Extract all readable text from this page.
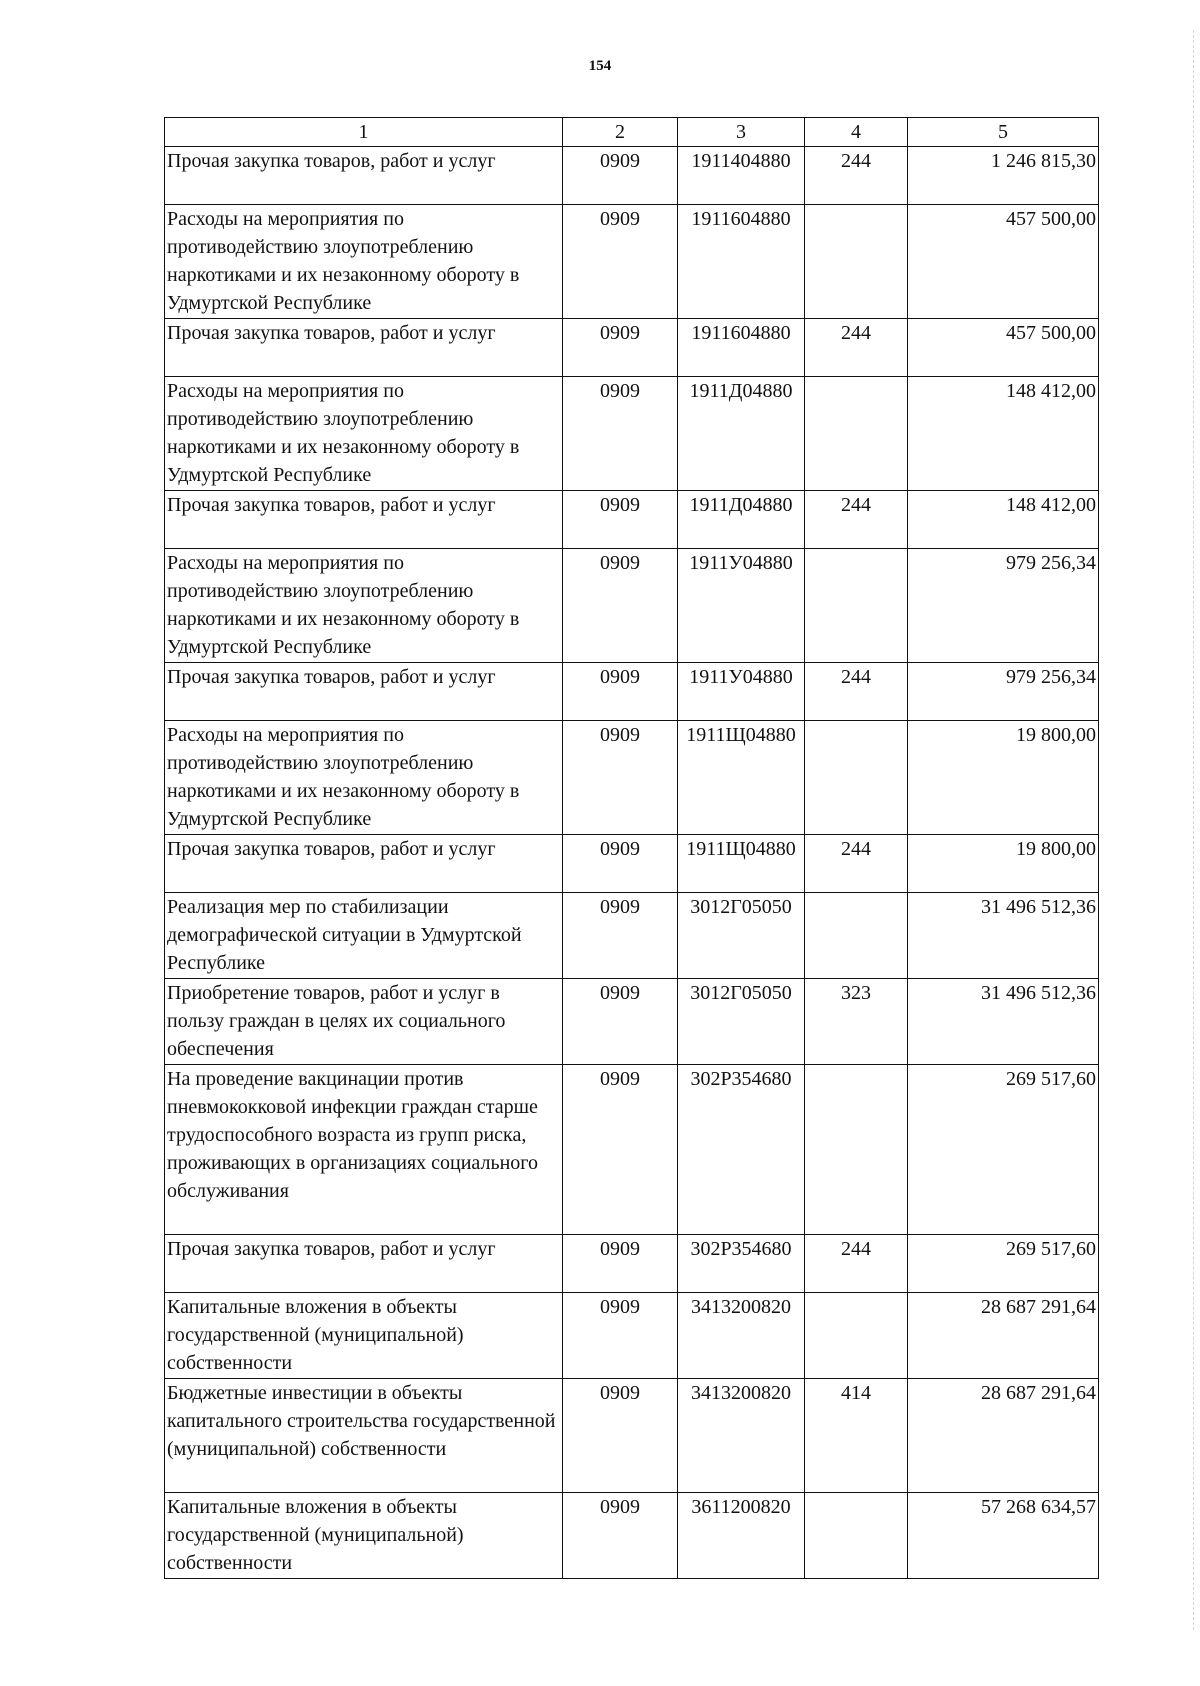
154
1	2	3	4	5
Прочая закупка товаров, работ и услуг	0909	1911404880	244	1 246 815,30
Расходы на мероприятия по противодействию злоупотреблению наркотиками и их незаконному обороту в Удмуртской Республике	0909	1911604880		457 500,00
Прочая закупка товаров, работ и услуг	0909	1911604880	244	457 500,00
Расходы на мероприятия по противодействию злоупотреблению наркотиками и их незаконному обороту в Удмуртской Республике	0909	1911Д04880		148 412,00
Прочая закупка товаров, работ и услуг	0909	1911Д04880	244	148 412,00
Расходы на мероприятия по противодействию злоупотреблению наркотиками и их незаконному обороту в Удмуртской Республике	0909	1911У04880		979 256,34
Прочая закупка товаров, работ и услуг	0909	1911У04880	244	979 256,34
Расходы на мероприятия по противодействию злоупотреблению наркотиками и их незаконному обороту в Удмуртской Республике	0909	1911Щ04880		19 800,00
Прочая закупка товаров, работ и услуг	0909	1911Щ04880	244	19 800,00
Реализация мер по стабилизации демографической ситуации в Удмуртской Республике	0909	3012Г05050		31 496 512,36
Приобретение товаров, работ и услуг в пользу граждан в целях их социального обеспечения	0909	3012Г05050	323	31 496 512,36
На проведение вакцинации против пневмококковой инфекции граждан старше трудоспособного возраста из групп риска, проживающих в организациях социального обслуживания	0909	302Р354680		269 517,60
Прочая закупка товаров, работ и услуг	0909	302Р354680	244	269 517,60
Капитальные вложения в объекты государственной (муниципальной) собственности	0909	3413200820		28 687 291,64
Бюджетные инвестиции в объекты капитального строительства государственной (муниципальной) собственности	0909	3413200820	414	28 687 291,64
Капитальные вложения в объекты государственной (муниципальной) собственности	0909	3611200820		57 268 634,57
